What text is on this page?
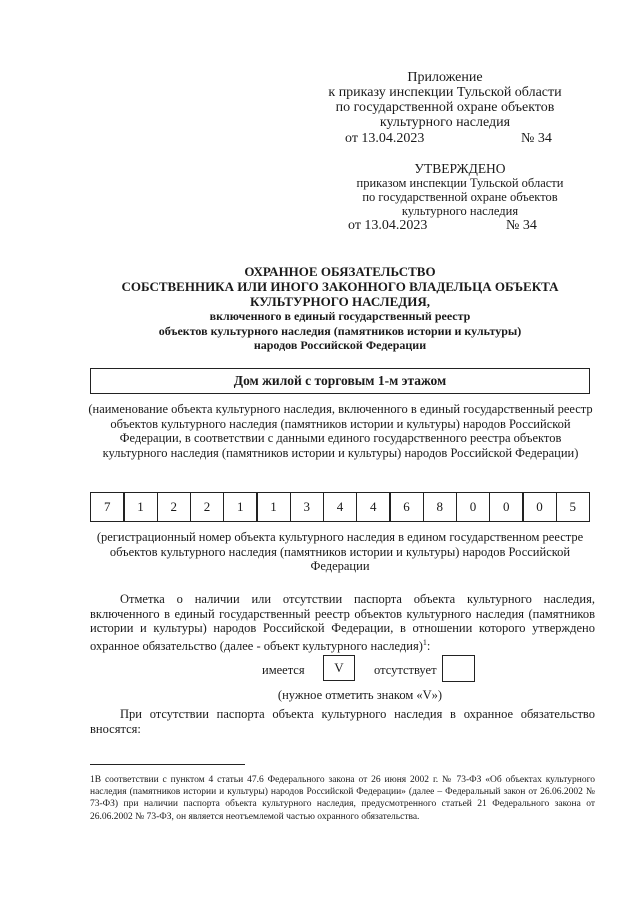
Приложение
к приказу инспекции Тульской области
по государственной охране объектов
культурного наследия
от 13.04.2023	№ 34
УТВЕРЖДЕНО
приказом инспекции Тульской области
по государственной охране объектов
культурного наследия
от 13.04.2023	№ 34
ОХРАННОЕ ОБЯЗАТЕЛЬСТВО
СОБСТВЕННИКА ИЛИ ИНОГО ЗАКОННОГО ВЛАДЕЛЬЦА ОБЪЕКТА
КУЛЬТУРНОГО НАСЛЕДИЯ,
включенного в единый государственный реестр
объектов культурного наследия (памятников истории и культуры)
народов Российской Федерации
Дом жилой с торговым 1-м этажом
(наименование объекта культурного наследия, включенного в единый государственный реестр объектов культурного наследия (памятников истории и культуры) народов Российской Федерации, в соответствии с данными единого государственного реестра объектов культурного наследия (памятников истории и культуры) народов Российской Федерации)
7	1	2	2	1	1	3	4	4	6	8	0	0	0	5
(регистрационный номер объекта культурного наследия в едином государственном реестре объектов культурного наследия (памятников истории и культуры) народов Российской Федерации
Отметка о наличии или отсутствии паспорта объекта культурного наследия, включенного в единый государственный реестр объектов культурного наследия (памятников истории и культуры) народов Российской Федерации, в отношении которого утверждено охранное обязательство (далее - объект культурного наследия)$^1$:
имеется	V	отсутствует
(нужное отметить знаком «V»)
При отсутствии паспорта объекта культурного наследия в охранное обязательство вносятся:
1В соответствии с пунктом 4 статьи 47.6 Федерального закона от 26 июня 2002 г. № 73-ФЗ «Об объектах культурного наследия (памятников истории и культуры) народов Российской Федерации» (далее – Федеральный закон от 26.06.2002 № 73-ФЗ) при наличии паспорта объекта культурного наследия, предусмотренного статьей 21 Федерального закона от 26.06.2002 № 73-ФЗ, он является неотъемлемой частью охранного обязательства.
